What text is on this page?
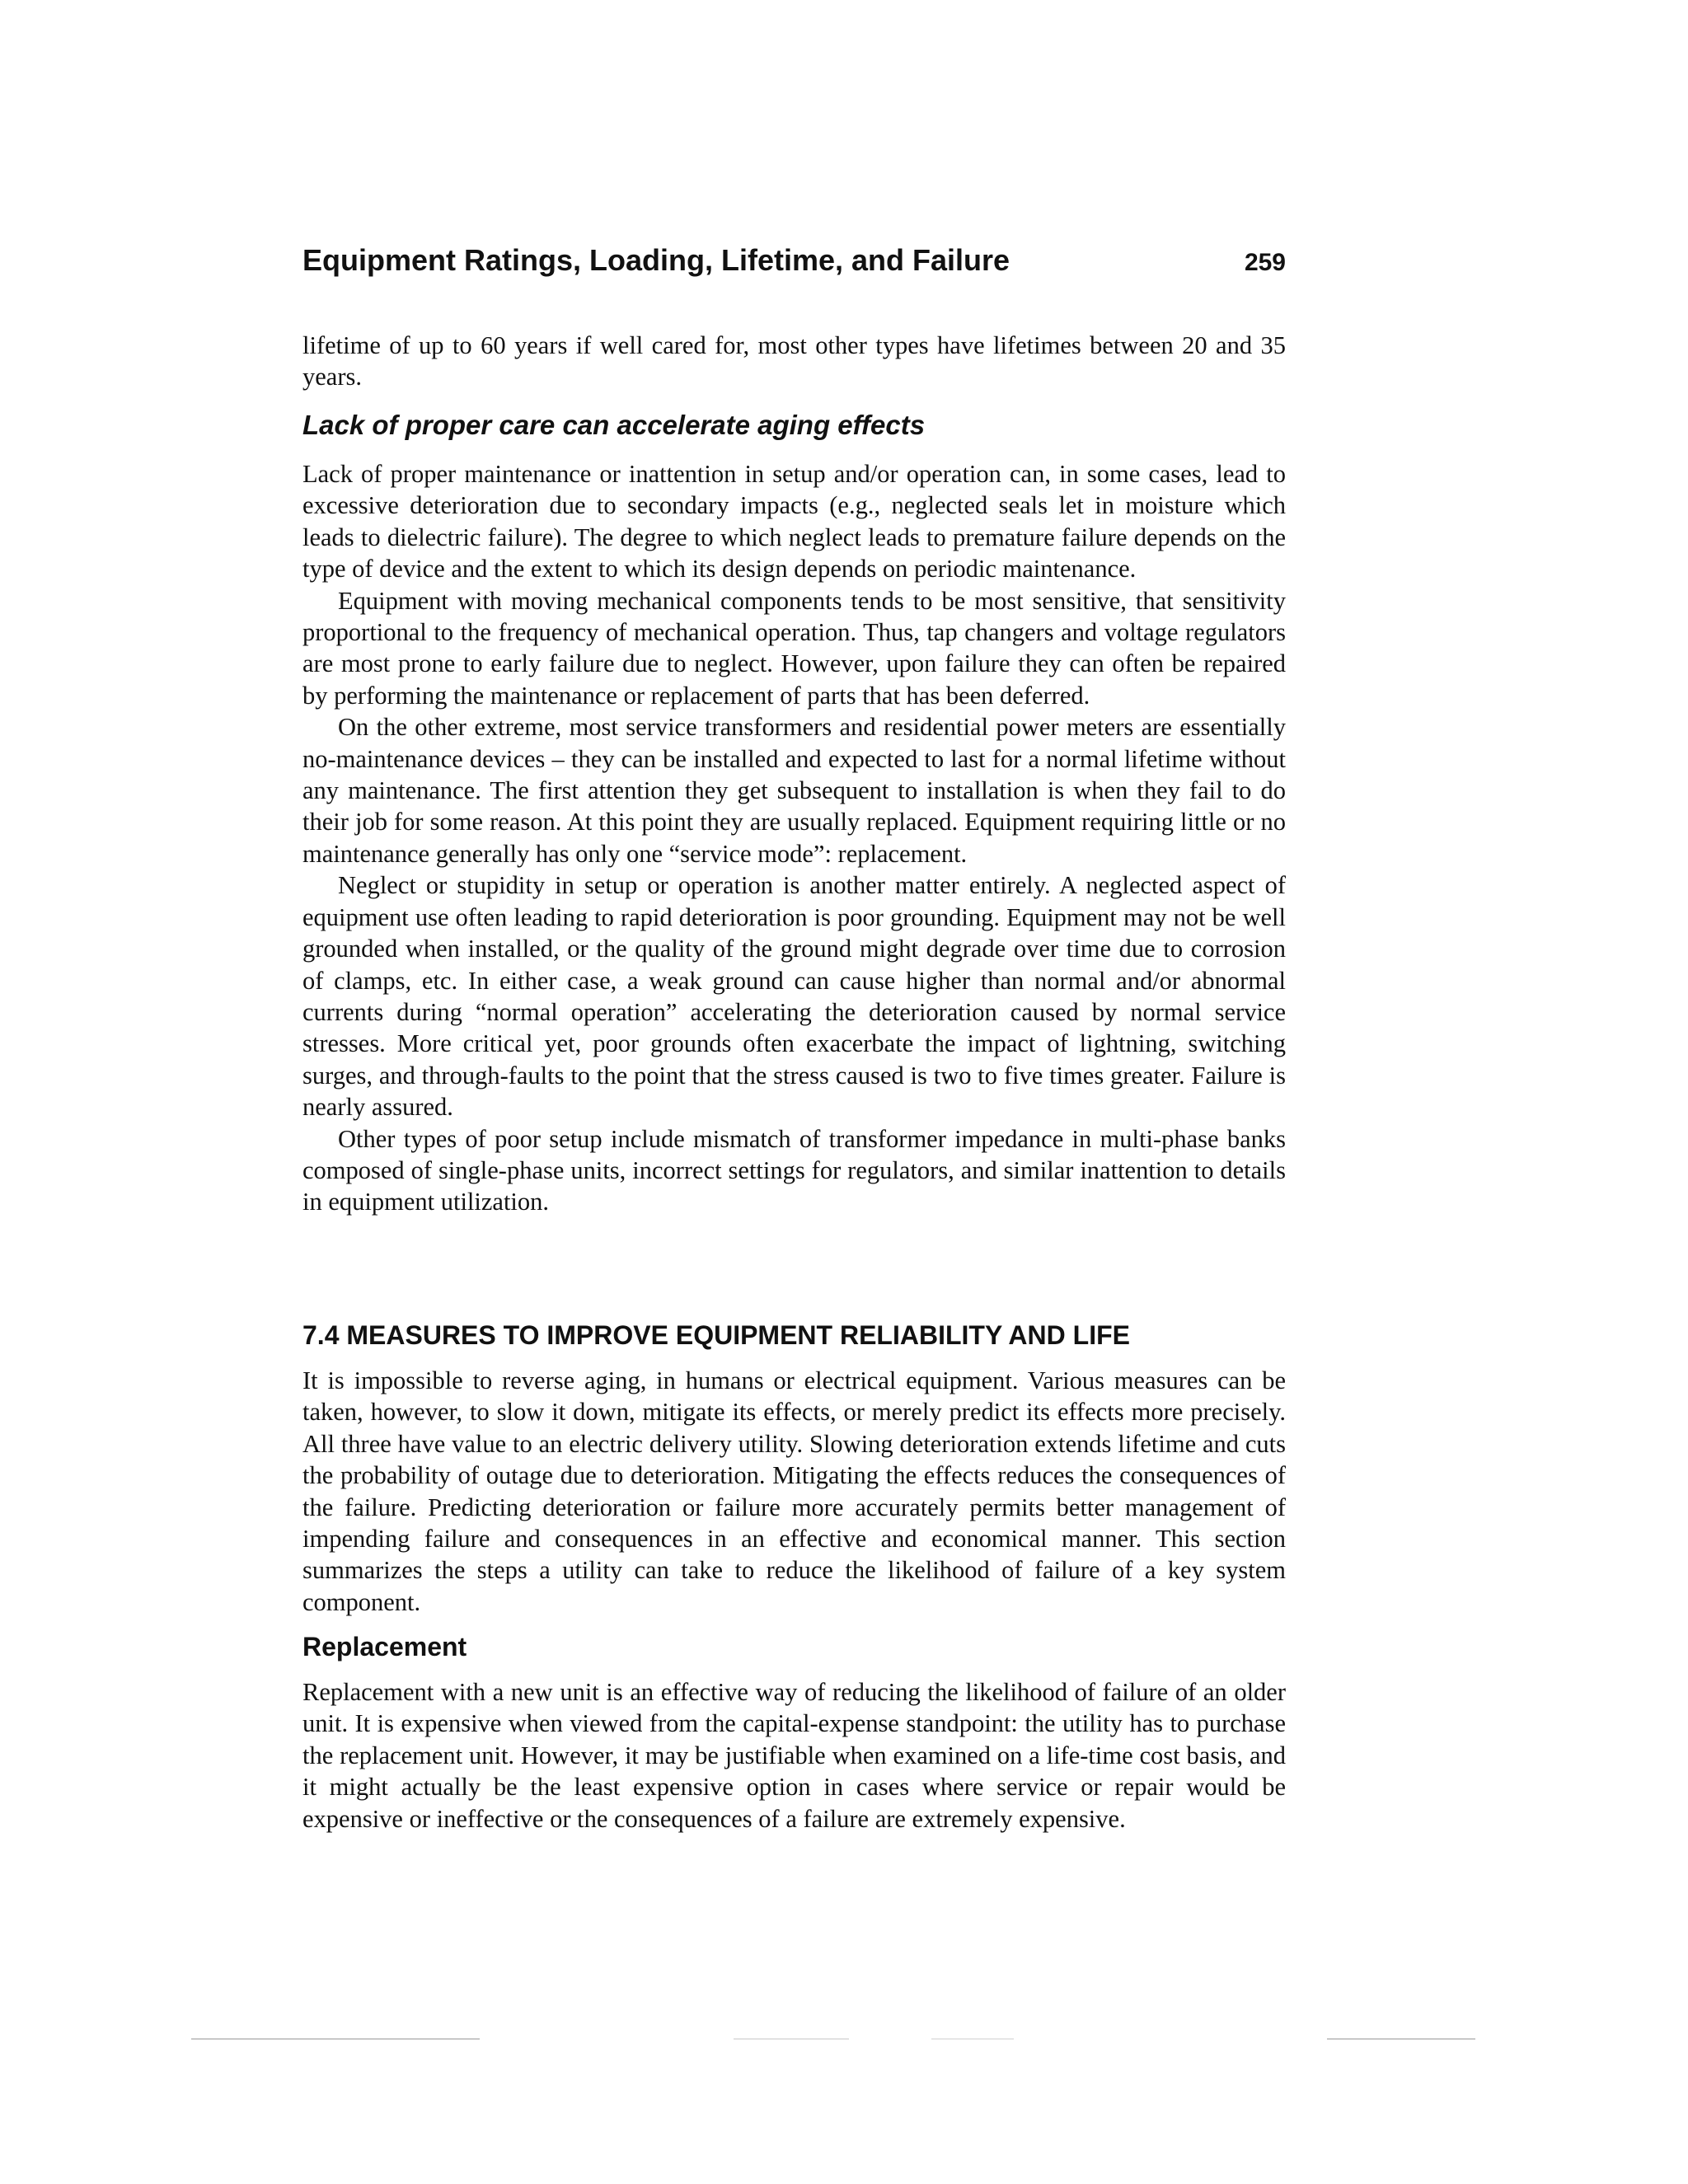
Equipment Ratings, Loading, Lifetime, and Failure	259

lifetime of up to 60 years if well cared for, most other types have lifetimes between 20 and 35 years.

Lack of proper care can accelerate aging effects

Lack of proper maintenance or inattention in setup and/or operation can, in some cases, lead to excessive deterioration due to secondary impacts (e.g., neglected seals let in moisture which leads to dielectric failure). The degree to which neglect leads to premature failure depends on the type of device and the extent to which its design depends on periodic maintenance.

Equipment with moving mechanical components tends to be most sensitive, that sensitivity proportional to the frequency of mechanical operation. Thus, tap changers and voltage regulators are most prone to early failure due to neglect. However, upon failure they can often be repaired by performing the maintenance or replacement of parts that has been deferred.

On the other extreme, most service transformers and residential power meters are essentially no-maintenance devices – they can be installed and expected to last for a normal lifetime without any maintenance. The first attention they get subsequent to installation is when they fail to do their job for some reason. At this point they are usually replaced. Equipment requiring little or no maintenance generally has only one “service mode”: replacement.

Neglect or stupidity in setup or operation is another matter entirely. A neglected aspect of equipment use often leading to rapid deterioration is poor grounding. Equipment may not be well grounded when installed, or the quality of the ground might degrade over time due to corrosion of clamps, etc. In either case, a weak ground can cause higher than normal and/or abnormal currents during “normal operation” accelerating the deterioration caused by normal service stresses. More critical yet, poor grounds often exacerbate the impact of lightning, switching surges, and through-faults to the point that the stress caused is two to five times greater. Failure is nearly assured.

Other types of poor setup include mismatch of transformer impedance in multi-phase banks composed of single-phase units, incorrect settings for regulators, and similar inattention to details in equipment utilization.

7.4 MEASURES TO IMPROVE EQUIPMENT RELIABILITY AND LIFE

It is impossible to reverse aging, in humans or electrical equipment. Various measures can be taken, however, to slow it down, mitigate its effects, or merely predict its effects more precisely. All three have value to an electric delivery utility. Slowing deterioration extends lifetime and cuts the probability of outage due to deterioration. Mitigating the effects reduces the consequences of the failure. Predicting deterioration or failure more accurately permits better management of impending failure and consequences in an effective and economical manner. This section summarizes the steps a utility can take to reduce the likelihood of failure of a key system component.

Replacement

Replacement with a new unit is an effective way of reducing the likelihood of failure of an older unit. It is expensive when viewed from the capital-expense standpoint: the utility has to purchase the replacement unit. However, it may be justifiable when examined on a life-time cost basis, and it might actually be the least expensive option in cases where service or repair would be expensive or ineffective or the consequences of a failure are extremely expensive.
